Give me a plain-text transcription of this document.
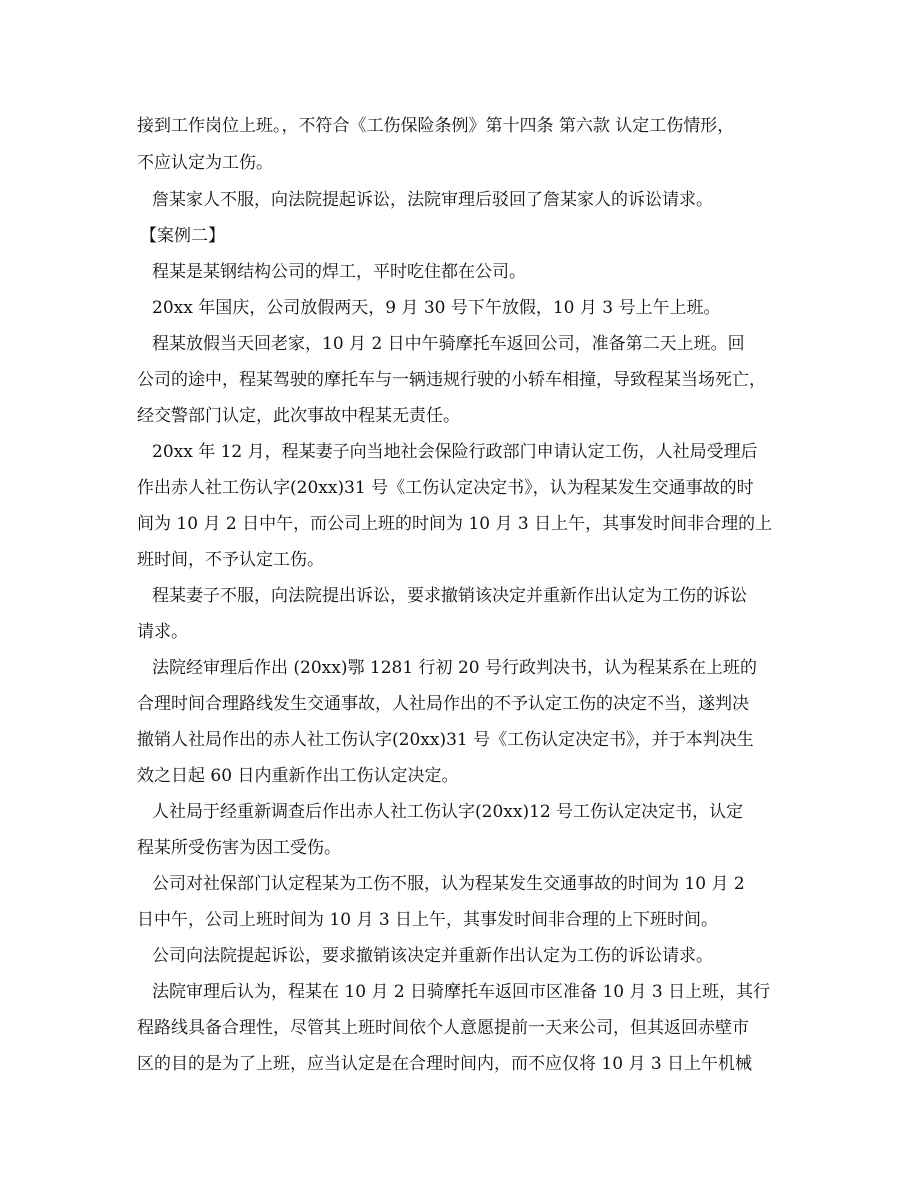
接到工作岗位上班。，不符合《工伤保险条例》第十四条 第六款 认定工伤情形，
不应认定为工伤。
詹某家人不服，向法院提起诉讼，法院审理后驳回了詹某家人的诉讼请求。
【案例二】
程某是某钢结构公司的焊工，平时吃住都在公司。
20xx 年国庆，公司放假两天，9 月 30 号下午放假，10 月 3 号上午上班。
程某放假当天回老家，10 月 2 日中午骑摩托车返回公司，准备第二天上班。回
公司的途中，程某驾驶的摩托车与一辆违规行驶的小轿车相撞，导致程某当场死亡，
经交警部门认定，此次事故中程某无责任。
20xx 年 12 月，程某妻子向当地社会保险行政部门申请认定工伤，人社局受理后
作出赤人社工伤认字(20xx)31 号《工伤认定决定书》，认为程某发生交通事故的时
间为 10 月 2 日中午，而公司上班的时间为 10 月 3 日上午，其事发时间非合理的上
班时间，不予认定工伤。
程某妻子不服，向法院提出诉讼，要求撤销该决定并重新作出认定为工伤的诉讼
请求。
法院经审理后作出 (20xx)鄂 1281 行初 20 号行政判决书，认为程某系在上班的
合理时间合理路线发生交通事故，人社局作出的不予认定工伤的决定不当，遂判决
撤销人社局作出的赤人社工伤认字(20xx)31 号《工伤认定决定书》，并于本判决生
效之日起 60 日内重新作出工伤认定决定。
人社局于经重新调查后作出赤人社工伤认字(20xx)12 号工伤认定决定书，认定
程某所受伤害为因工受伤。
公司对社保部门认定程某为工伤不服，认为程某发生交通事故的时间为 10 月 2
日中午，公司上班时间为 10 月 3 日上午，其事发时间非合理的上下班时间。
公司向法院提起诉讼，要求撤销该决定并重新作出认定为工伤的诉讼请求。
法院审理后认为，程某在 10 月 2 日骑摩托车返回市区准备 10 月 3 日上班，其行
程路线具备合理性，尽管其上班时间依个人意愿提前一天来公司，但其返回赤壁市
区的目的是为了上班，应当认定是在合理时间内，而不应仅将 10 月 3 日上午机械
